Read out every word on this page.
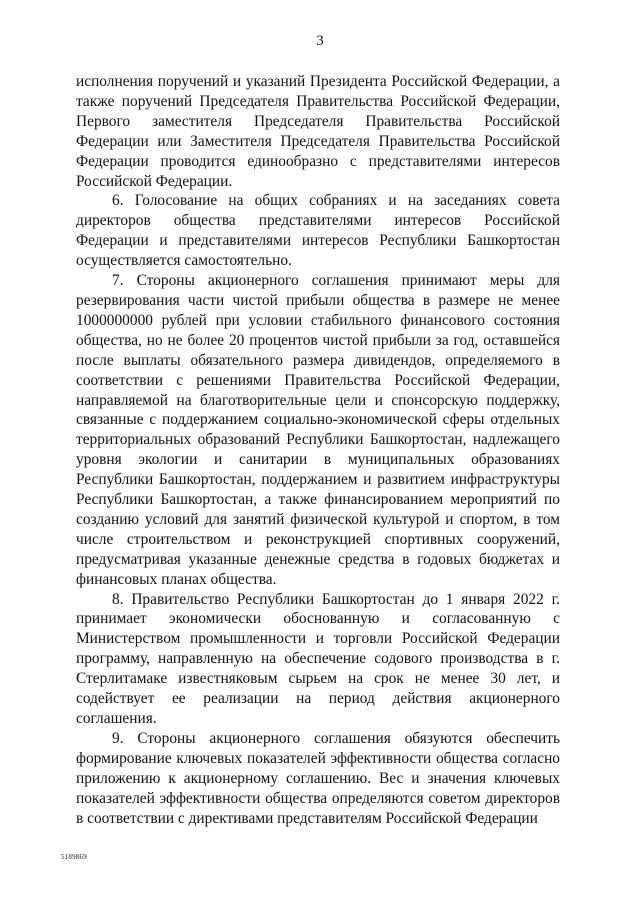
3

исполнения поручений и указаний Президента Российской Федерации, а также поручений Председателя Правительства Российской Федерации, Первого заместителя Председателя Правительства Российской Федерации или Заместителя Председателя Правительства Российской Федерации проводится единообразно с представителями интересов Российской Федерации.

6. Голосование на общих собраниях и на заседаниях совета директоров общества представителями интересов Российской Федерации и представителями интересов Республики Башкортостан осуществляется самостоятельно.

7. Стороны акционерного соглашения принимают меры для резервирования части чистой прибыли общества в размере не менее 1000000000 рублей при условии стабильного финансового состояния общества, но не более 20 процентов чистой прибыли за год, оставшейся после выплаты обязательного размера дивидендов, определяемого в соответствии с решениями Правительства Российской Федерации, направляемой на благотворительные цели и спонсорскую поддержку, связанные с поддержанием социально-экономической сферы отдельных территориальных образований Республики Башкортостан, надлежащего уровня экологии и санитарии в муниципальных образованиях Республики Башкортостан, поддержанием и развитием инфраструктуры Республики Башкортостан, а также финансированием мероприятий по созданию условий для занятий физической культурой и спортом, в том числе строительством и реконструкцией спортивных сооружений, предусматривая указанные денежные средства в годовых бюджетах и финансовых планах общества.

8. Правительство Республики Башкортостан до 1 января 2022 г. принимает экономически обоснованную и согласованную с Министерством промышленности и торговли Российской Федерации программу, направленную на обеспечение содового производства в г. Стерлитамаке известняковым сырьем на срок не менее 30 лет, и содействует ее реализации на период действия акционерного соглашения.

9. Стороны акционерного соглашения обязуются обеспечить формирование ключевых показателей эффективности общества согласно приложению к акционерному соглашению. Вес и значения ключевых показателей эффективности общества определяются советом директоров в соответствии с директивами представителям Российской Федерации

5189869
